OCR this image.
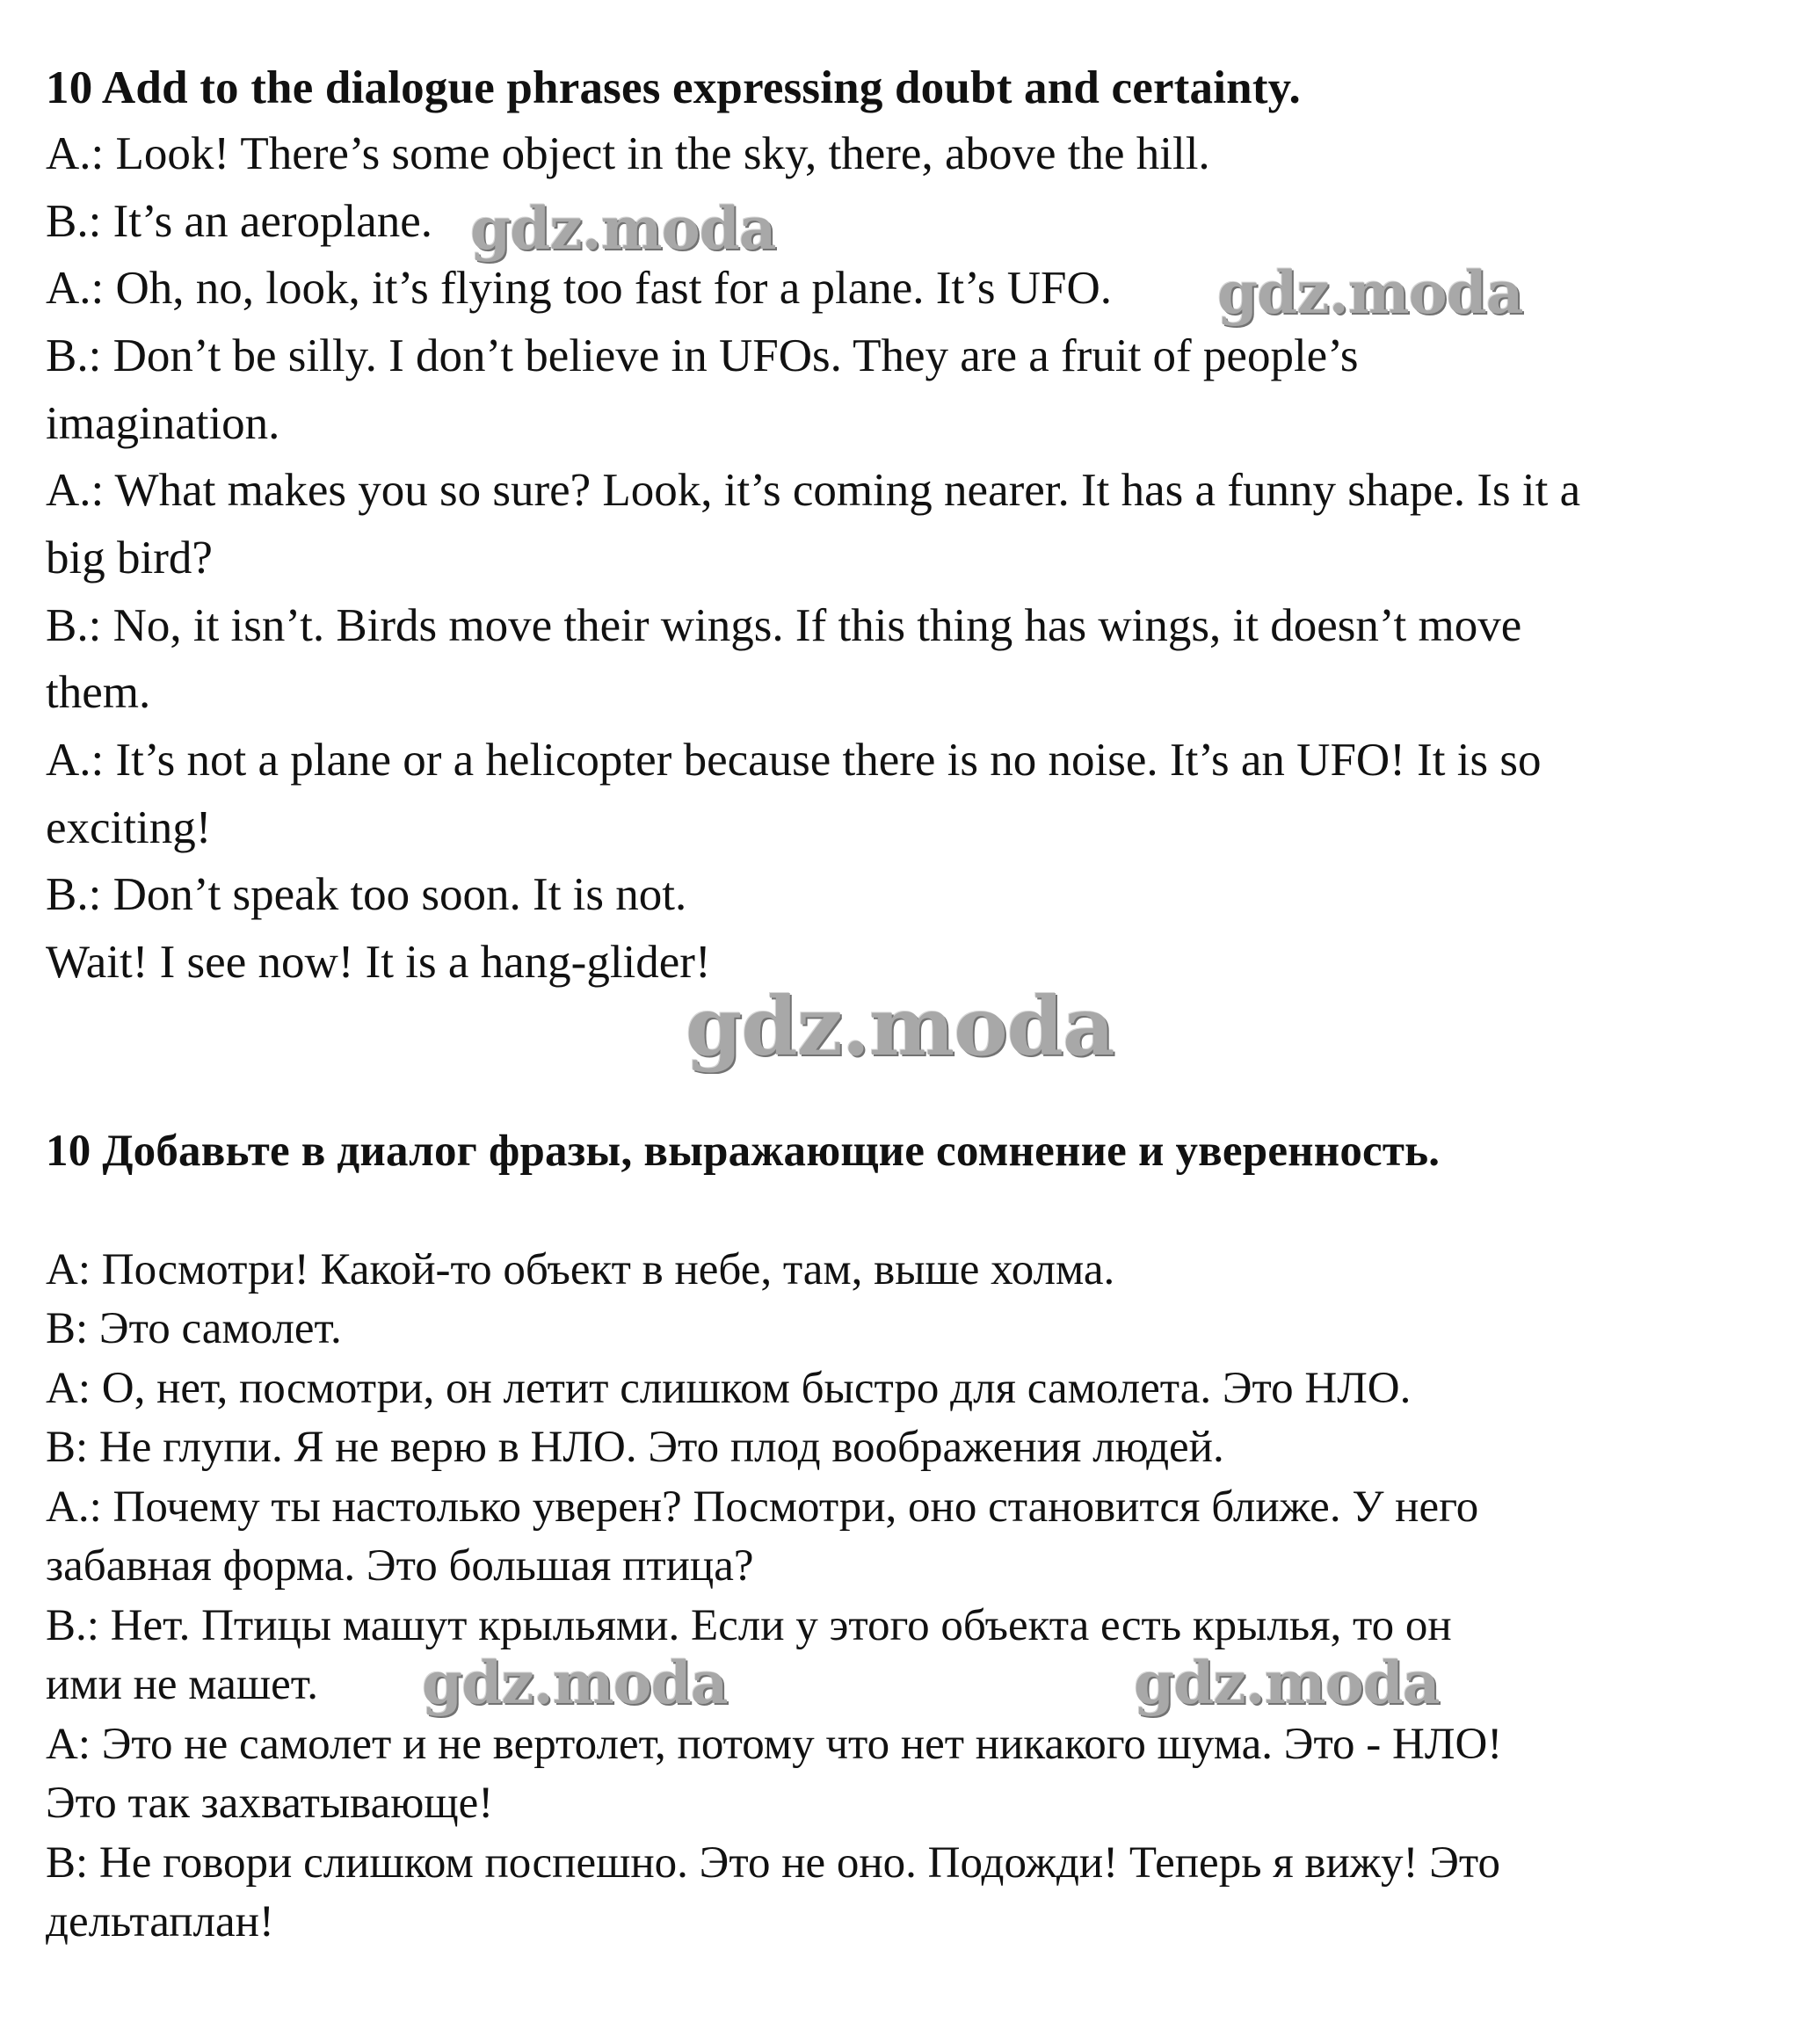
10 Add to the dialogue phrases expressing doubt and certainty.
A.: Look! There’s some object in the sky, there, above the hill.
B.: It’s an aeroplane.
A.: Oh, no, look, it’s flying too fast for a plane. It’s UFO.
B.: Don’t be silly. I don’t believe in UFOs. They are a fruit of people’s
imagination.
A.: What makes you so sure? Look, it’s coming nearer. It has a funny shape. Is it a
big bird?
B.: No, it isn’t. Birds move their wings. If this thing has wings, it doesn’t move
them.
A.: It’s not a plane or a helicopter because there is no noise. It’s an UFO! It is so
exciting!
B.: Don’t speak too soon. It is not.
Wait! I see now! It is a hang-glider!
10 Добавьте в диалог фразы, выражающие сомнение и уверенность.
А: Посмотри! Какой-то объект в небе, там, выше холма.
В: Это самолет.
А: О, нет, посмотри, он летит слишком быстро для самолета. Это НЛО.
В: Не глупи. Я не верю в НЛО. Это плод воображения людей.
А.: Почему ты настолько уверен? Посмотри, оно становится ближе. У него
забавная форма. Это большая птица?
В.: Нет. Птицы машут крыльями. Если у этого объекта есть крылья, то он
ими не машет.
А: Это не самолет и не вертолет, потому что нет никакого шума. Это - НЛО!
Это так захватывающе!
В: Не говори слишком поспешно. Это не оно. Подожди! Теперь я вижу! Это
дельтаплан!
gdz.moda
gdz.moda
gdz.moda
gdz.moda	gdz.moda
